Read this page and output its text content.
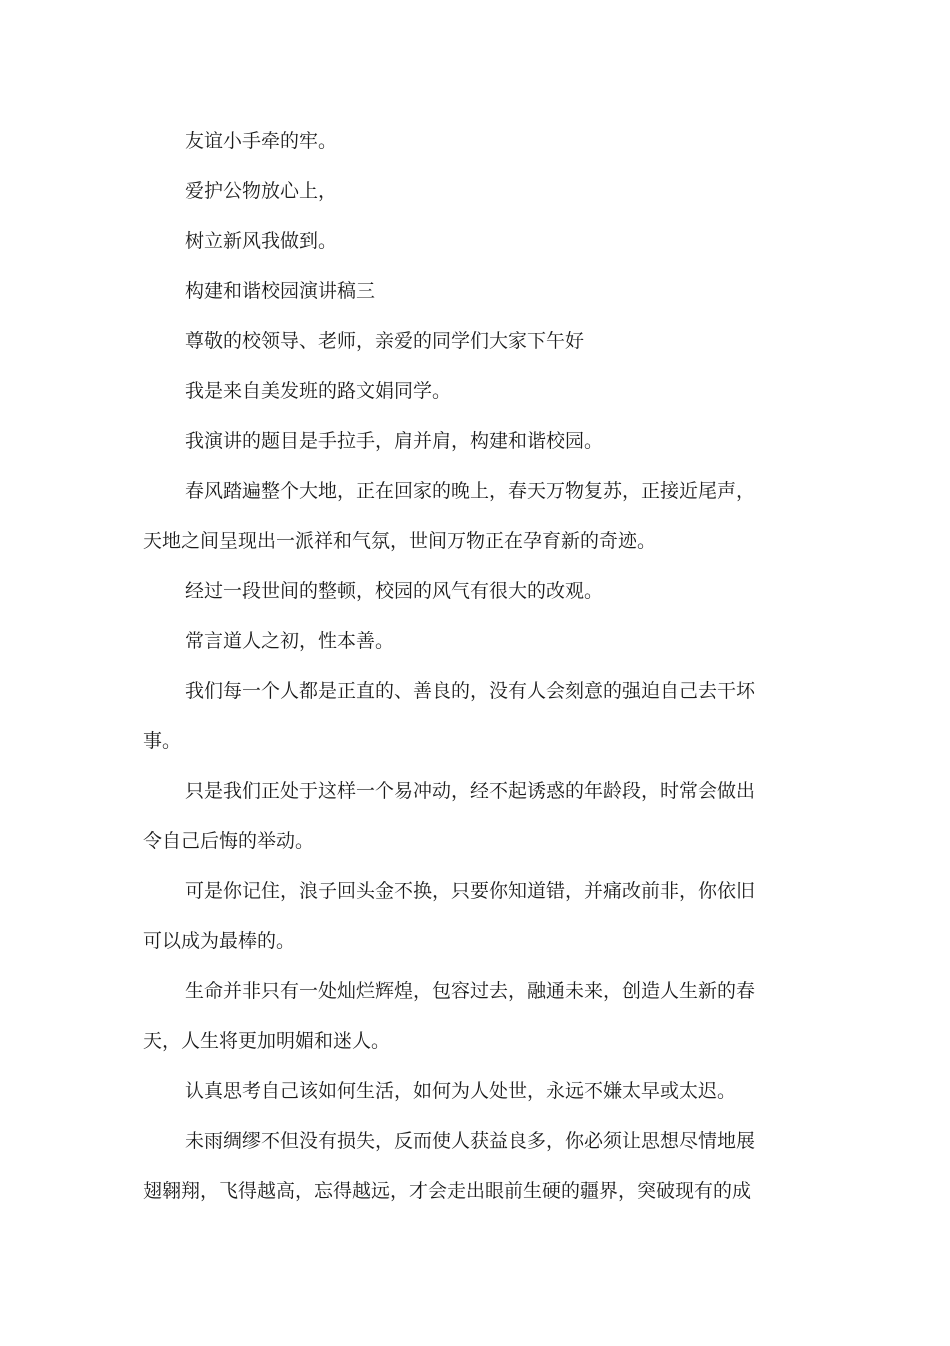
友谊小手牵的牢。

爱护公物放心上，

树立新风我做到。

构建和谐校园演讲稿三

尊敬的校领导、老师，亲爱的同学们大家下午好

我是来自美发班的路文娟同学。

我演讲的题目是手拉手，肩并肩，构建和谐校园。

春风踏遍整个大地，正在回家的晚上，春天万物复苏，正接近尾声，天地之间呈现出一派祥和气氛，世间万物正在孕育新的奇迹。

经过一段世间的整顿，校园的风气有很大的改观。

常言道人之初，性本善。

我们每一个人都是正直的、善良的，没有人会刻意的强迫自己去干坏事。

只是我们正处于这样一个易冲动，经不起诱惑的年龄段，时常会做出令自己后悔的举动。

可是你记住，浪子回头金不换，只要你知道错，并痛改前非，你依旧可以成为最棒的。

生命并非只有一处灿烂辉煌，包容过去，融通未来，创造人生新的春天，人生将更加明媚和迷人。

认真思考自己该如何生活，如何为人处世，永远不嫌太早或太迟。

未雨绸缪不但没有损失，反而使人获益良多，你必须让思想尽情地展翅翱翔，飞得越高，忘得越远，才会走出眼前生硬的疆界，突破现有的成
